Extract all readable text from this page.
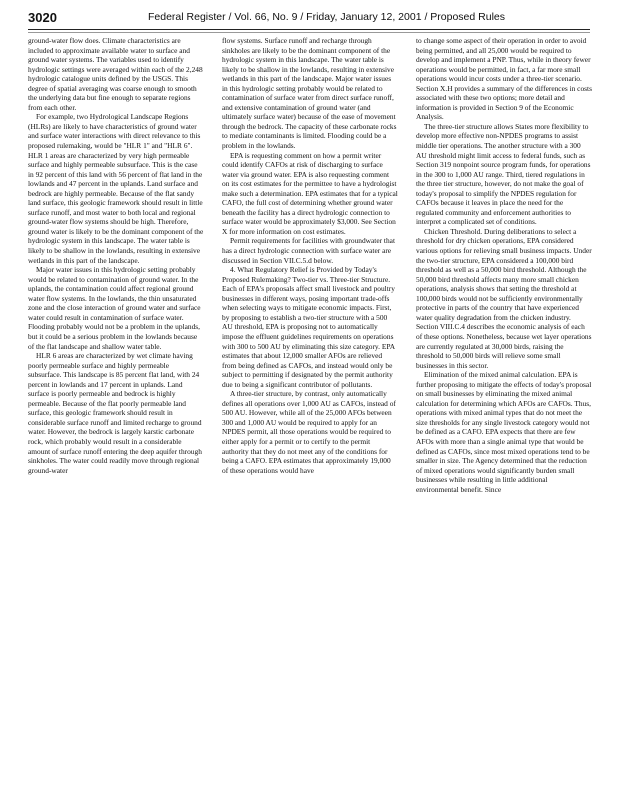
3020	Federal Register / Vol. 66, No. 9 / Friday, January 12, 2001 / Proposed Rules

ground-water flow does. Climate characteristics are included to approximate available water to surface and ground water systems. The variables used to identify hydrologic settings were averaged within each of the 2,248 hydrologic catalogue units defined by the USGS. This degree of spatial averaging was coarse enough to smooth the underlying data but fine enough to separate regions from each other.

For example, two Hydrological Landscape Regions (HLRs) are likely to have characteristics of ground water and surface water interactions with direct relevance to this proposed rulemaking, would be "HLR 1" and "HLR 6". HLR 1 areas are characterized by very high permeable surface and highly permeable subsurface. This is the case in 92 percent of this land with 56 percent of flat land in the lowlands and 47 percent in the uplands. Land surface and bedrock are highly permeable. Because of the flat sandy land surface, this geologic framework should result in little surface runoff, and most water to both local and regional ground-water flow systems should be high. Therefore, ground water is likely to be the dominant component of the hydrologic system in this landscape. The water table is likely to be shallow in the lowlands, resulting in extensive wetlands in this part of the landscape.

Major water issues in this hydrologic setting probably would be related to contamination of ground water. In the uplands, the contamination could affect regional ground water flow systems. In the lowlands, the thin unsaturated zone and the close interaction of ground water and surface water could result in contamination of surface water. Flooding probably would not be a problem in the uplands, but it could be a serious problem in the lowlands because of the flat landscape and shallow water table.

HLR 6 areas are characterized by wet climate having poorly permeable surface and highly permeable subsurface. This landscape is 85 percent flat land, with 24 percent in lowlands and 17 percent in uplands. Land surface is poorly permeable and bedrock is highly permeable. Because of the flat poorly permeable land surface, this geologic framework should result in considerable surface runoff and limited recharge to ground water. However, the bedrock is largely karstic carbonate rock, which probably would result in a considerable amount of surface runoff entering the deep aquifer through sinkholes. The water could readily move through regional ground-water

flow systems. Surface runoff and recharge through sinkholes are likely to be the dominant component of the hydrologic system in this landscape. The water table is likely to be shallow in the lowlands, resulting in extensive wetlands in this part of the landscape. Major water issues in this hydrologic setting probably would be related to contamination of surface water from direct surface runoff, and extensive contamination of ground water (and ultimately surface water) because of the ease of movement through the bedrock. The capacity of these carbonate rocks to mediate contaminants is limited. Flooding could be a problem in the lowlands.

EPA is requesting comment on how a permit writer could identify CAFOs at risk of discharging to surface water via ground water. EPA is also requesting comment on its cost estimates for the permittee to have a hydrologist make such a determination. EPA estimates that for a typical CAFO, the full cost of determining whether ground water beneath the facility has a direct hydrologic connection to surface water would be approximately $3,000. See Section X for more information on cost estimates.

Permit requirements for facilities with groundwater that has a direct hydrologic connection with surface water are discussed in Section VII.C.5.d below.

4. What Regulatory Relief is Provided by Today's Proposed Rulemaking? Two-tier vs. Three-tier Structure. Each of EPA's proposals affect small livestock and poultry businesses in different ways, posing important trade-offs when selecting ways to mitigate economic impacts. First, by proposing to establish a two-tier structure with a 500 AU threshold, EPA is proposing not to automatically impose the effluent guidelines requirements on operations with 300 to 500 AU by eliminating this size category. EPA estimates that about 12,000 smaller AFOs are relieved from being defined as CAFOs, and instead would only be subject to permitting if designated by the permit authority due to being a significant contributor of pollutants.

A three-tier structure, by contrast, only automatically defines all operations over 1,000 AU as CAFOs, instead of 500 AU. However, while all of the 25,000 AFOs between 300 and 1,000 AU would be required to apply for an NPDES permit, all those operations would be required to either apply for a permit or to certify to the permit authority that they do not meet any of the conditions for being a CAFO. EPA estimates that approximately 19,000 of these operations would have

to change some aspect of their operation in order to avoid being permitted, and all 25,000 would be required to develop and implement a PNP. Thus, while in theory fewer operations would be permitted, in fact, a far more small operations would incur costs under a three-tier scenario. Section X.H provides a summary of the differences in costs associated with these two options; more detail and information is provided in Section 9 of the Economic Analysis.

The three-tier structure allows States more flexibility to develop more effective non-NPDES programs to assist middle tier operations. The another structure with a 300 AU threshold might limit access to federal funds, such as Section 319 nonpoint source program funds, for operations in the 300 to 1,000 AU range. Third, tiered regulations in the three tier structure, however, do not make the goal of today's proposal to simplify the NPDES regulation for CAFOs because it leaves in place the need for the regulated community and enforcement authorities to interpret a complicated set of conditions.

Chicken Threshold. During deliberations to select a threshold for dry chicken operations, EPA considered various options for relieving small business impacts. Under the two-tier structure, EPA considered a 100,000 bird threshold as well as a 50,000 bird threshold. Although the 50,000 bird threshold affects many more small chicken operations, analysis shows that setting the threshold at 100,000 birds would not be sufficiently environmentally protective in parts of the country that have experienced water quality degradation from the chicken industry. Section VIII.C.4 describes the economic analysis of each of these options. Nonetheless, because wet layer operations are currently regulated at 30,000 birds, raising the threshold to 50,000 birds will relieve some small businesses in this sector.

Elimination of the mixed animal calculation. EPA is further proposing to mitigate the effects of today's proposal on small businesses by eliminating the mixed animal calculation for determining which AFOs are CAFOs. Thus, operations with mixed animal types that do not meet the size thresholds for any single livestock category would not be defined as a CAFO. EPA expects that there are few AFOs with more than a single animal type that would be defined as CAFOs, since most mixed operations tend to be smaller in size. The Agency determined that the reduction of mixed operations would significantly burden small businesses while resulting in little additional environmental benefit. Since
